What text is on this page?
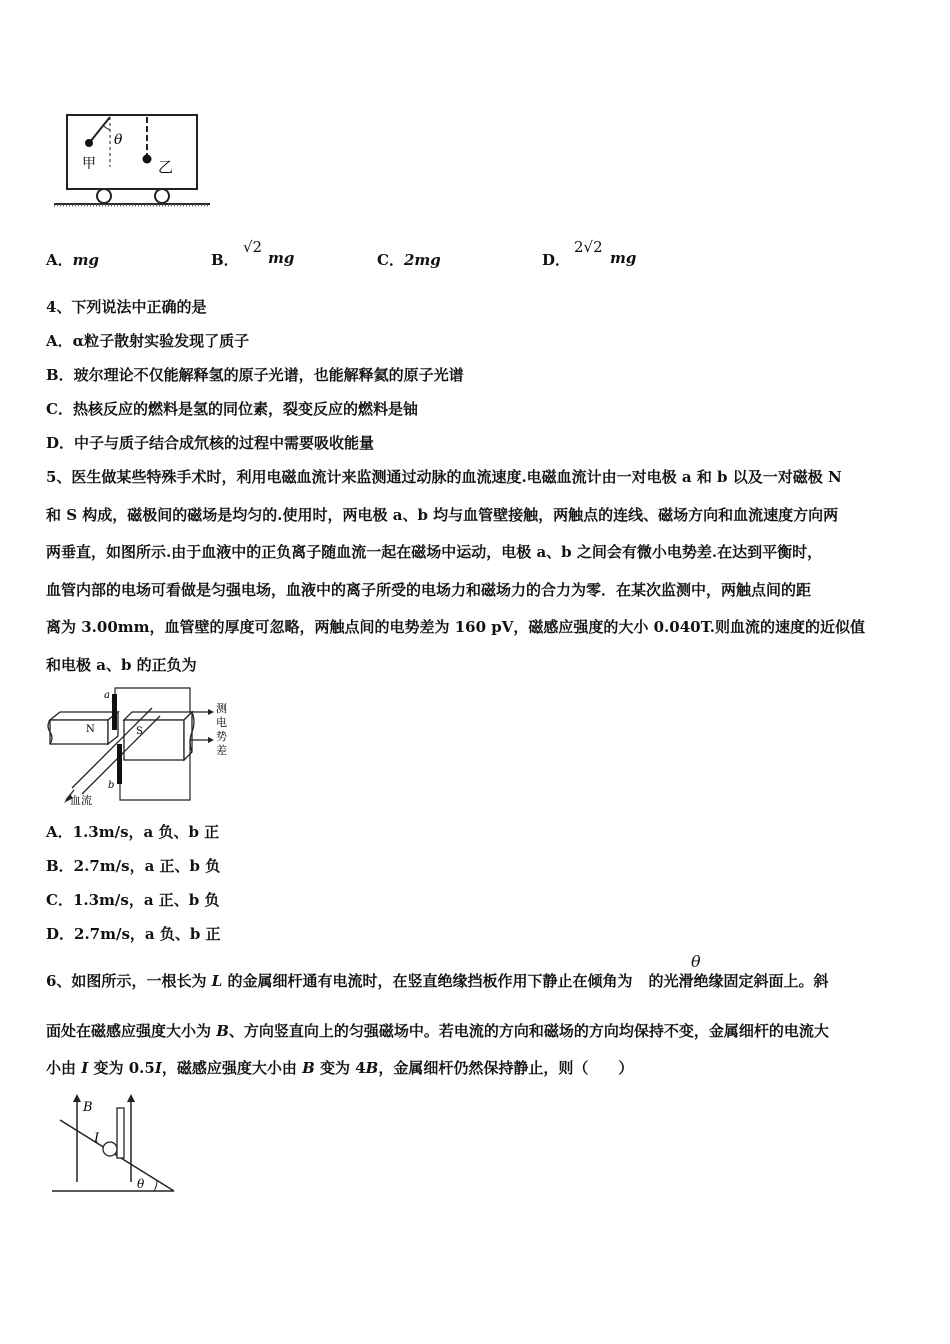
θ
甲	乙
A．mg	B．
√2
mg	C．2mg	D．
2√2
mg
4、下列说法中正确的是
A．α粒子散射实验发现了质子
B．玻尔理论不仅能解释氢的原子光谱，也能解释氦的原子光谱
C．热核反应的燃料是氢的同位素，裂变反应的燃料是铀
D．中子与质子结合成氘核的过程中需要吸收能量
5、医生做某些特殊手术时，利用电磁血流计来监测通过动脉的血流速度.电磁血流计由一对电极 a 和 b 以及一对磁极 N
和 S 构成，磁极间的磁场是均匀的.使用时，两电极 a、b 均与血管壁接触，两触点的连线、磁场方向和血流速度方向两
两垂直，如图所示.由于血液中的正负离子随血流一起在磁场中运动，电极 a、b 之间会有微小电势差.在达到平衡时，
血管内部的电场可看做是匀强电场，血液中的离子所受的电场力和磁场力的合力为零．在某次监测中，两触点间的距
离为 3.00mm，血管壁的厚度可忽略，两触点间的电势差为 160 pV，磁感应强度的大小 0.040T.则血流的速度的近似值
和电极 a、b 的正负为
a
b
N	S
血流
测
电
势
差
A．1.3m/s，a 负、b 正
B．2.7m/s，a 正、b 负
C．1.3m/s，a 正、b 负
D．2.7m/s，a 负、b 正
6、如图所示，一根长为 L 的金属细杆通有电流时，在竖直绝缘挡板作用下静止在倾角为 的光滑绝缘固定斜面上。斜
θ
面处在磁感应强度大小为 B、方向竖直向上的匀强磁场中。若电流的方向和磁场的方向均保持不变，金属细杆的电流大
小由 I 变为 0.5I，磁感应强度大小由 B 变为 4B，金属细杆仍然保持静止，则（　　）
B
I
θ
